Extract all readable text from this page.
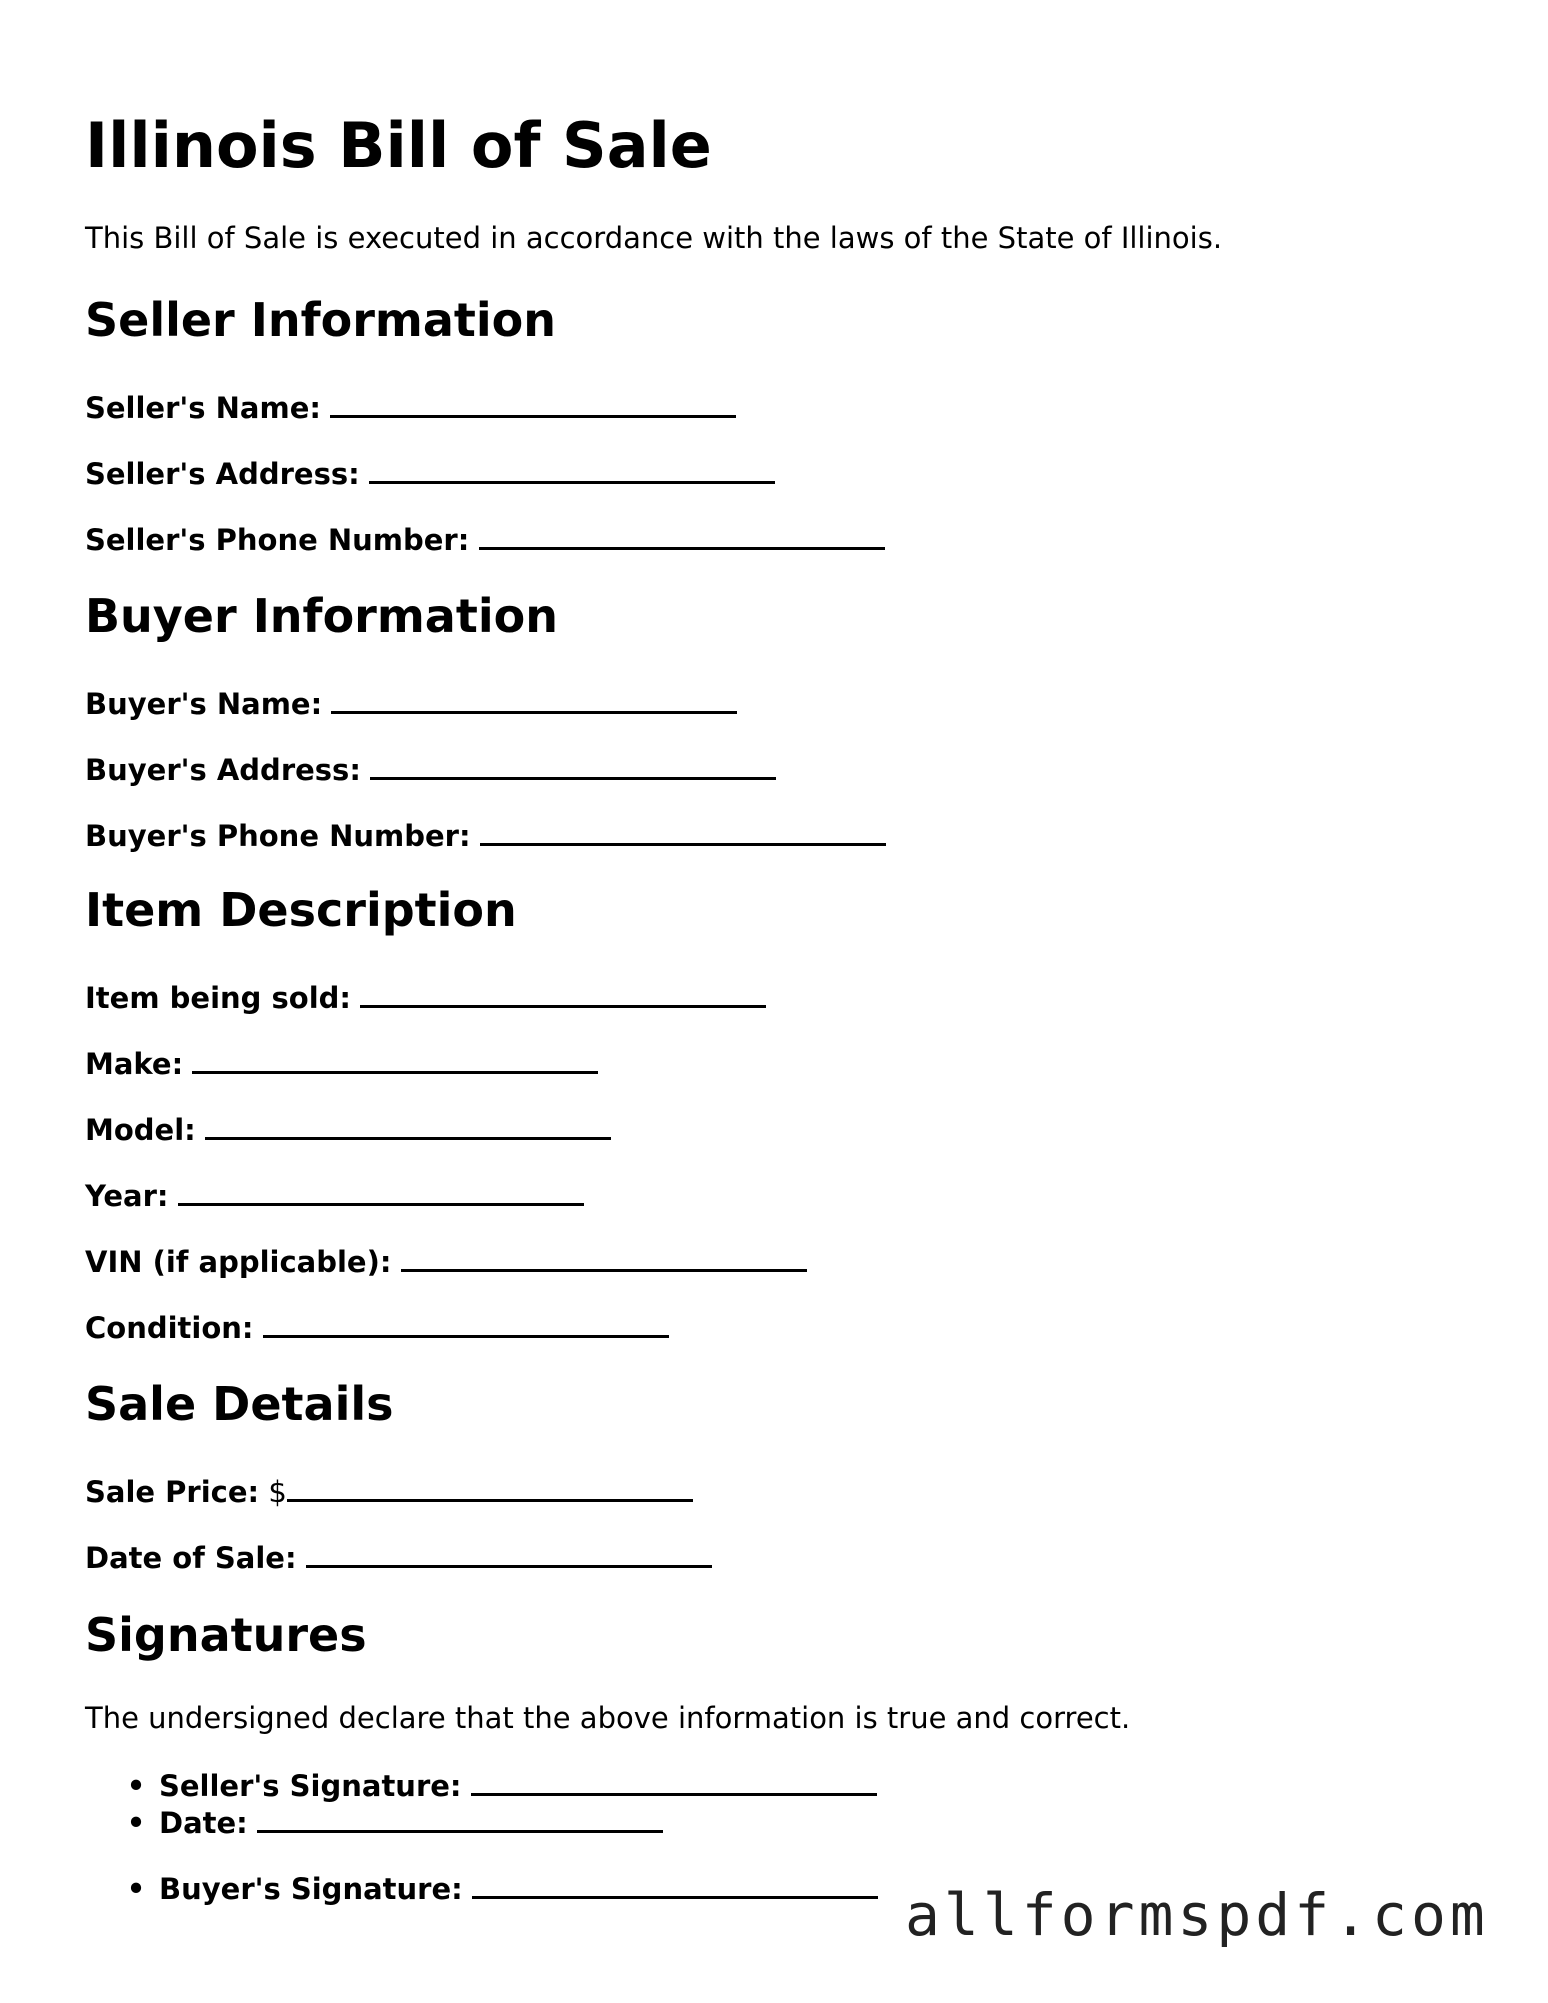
Illinois Bill of Sale

This Bill of Sale is executed in accordance with the laws of the State of Illinois.

Seller Information
Seller's Name:
Seller's Address:
Seller's Phone Number:
Buyer Information
Buyer's Name:
Buyer's Address:
Buyer's Phone Number:
Item Description
Item being sold:
Make:
Model:
Year:
VIN (if applicable):
Condition:
Sale Details
Sale Price: $
Date of Sale:
Signatures

The undersigned declare that the above information is true and correct.

• Seller's Signature:
• Date:
• Buyer's Signature:	allformspdf.com
